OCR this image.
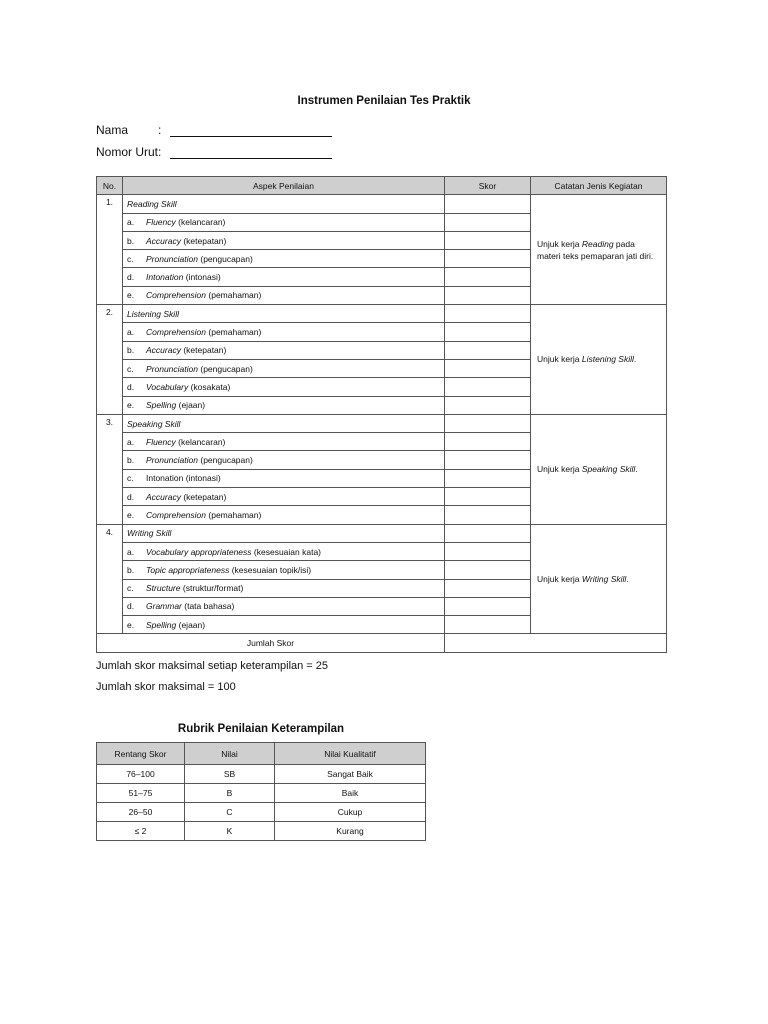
Instrumen Penilaian Tes Praktik
Nama :
Nomor Urut:
No.	Aspek Penilaian	Skor	Catatan Jenis Kegiatan
1.	Reading Skill		Unjuk kerja Reading pada materi teks pemaparan jati diri.
	a. Fluency (kelancaran)		
	b. Accuracy (ketepatan)		
	c. Pronunciation (pengucapan)		
	d. Intonation (intonasi)		
	e. Comprehension (pemahaman)		
2.	Listening Skill		Unjuk kerja Listening Skill.
	a. Comprehension (pemahaman)		
	b. Accuracy (ketepatan)		
	c. Pronunciation (pengucapan)		
	d. Vocabulary (kosakata)		
	e. Spelling (ejaan)		
3.	Speaking Skill		Unjuk kerja Speaking Skill.
	a. Fluency (kelancaran)		
	b. Pronunciation (pengucapan)		
	c. Intonation (intonasi)		
	d. Accuracy (ketepatan)		
	e. Comprehension (pemahaman)		
4.	Writing Skill		Unjuk kerja Writing Skill.
	a. Vocabulary appropriateness (kesesuaian kata)		
	b. Topic appropriateness (kesesuaian topik/isi)		
	c. Structure (struktur/format)		
	d. Grammar (tata bahasa)		
	e. Spelling (ejaan)		
Jumlah Skor			
Jumlah skor maksimal setiap keterampilan = 25
Jumlah skor maksimal = 100
Rubrik Penilaian Keterampilan
Rentang Skor	Nilai	Nilai Kualitatif
76–100	SB	Sangat Baik
51–75	B	Baik
26–50	C	Cukup
≤ 2	K	Kurang
